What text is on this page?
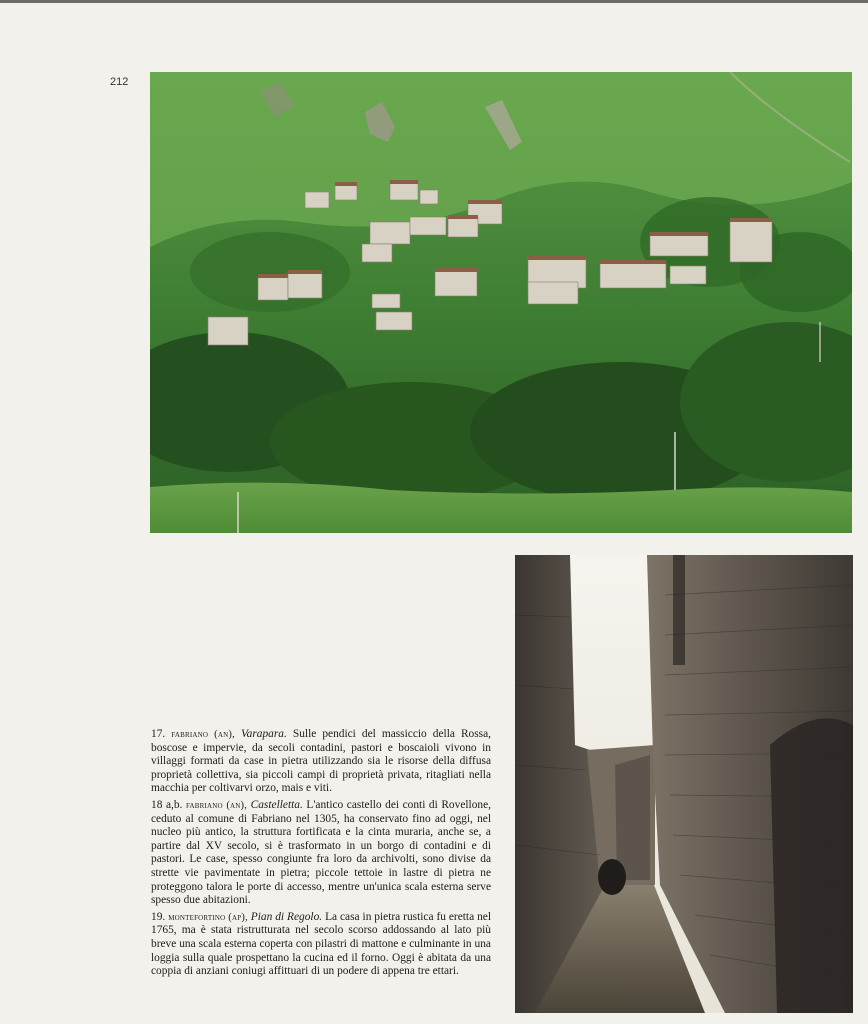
212

17. fabriano (an), Varapara. Sulle pendici del massiccio della Rossa, boscose e impervie, da secoli contadini, pastori e boscaioli vivono in villaggi formati da case in pietra utilizzando sia le risorse della diffusa proprietà collettiva, sia piccoli campi di proprietà privata, ritagliati nella macchia per coltivarvi orzo, mais e viti.

18 a,b. fabriano (an), Castelletta. L'antico castello dei conti di Rovellone, ceduto al comune di Fabriano nel 1305, ha conservato fino ad oggi, nel nucleo più antico, la struttura fortificata e la cinta muraria, anche se, a partire dal XV secolo, si è trasformato in un borgo di contadini e di pastori. Le case, spesso congiunte fra loro da archivolti, sono divise da strette vie pavimentate in pietra; piccole tettoie in lastre di pietra ne proteggono talora le porte di accesso, mentre un'unica scala esterna serve spesso due abitazioni.

19. montefortino (ap), Pian di Regolo. La casa in pietra rustica fu eretta nel 1765, ma è stata ristrutturata nel secolo scorso addossando al lato più breve una scala esterna coperta con pilastri di mattone e culminante in una loggia sulla quale prospettano la cucina ed il forno. Oggi è abitata da una coppia di anziani coniugi affittuari di un podere di appena tre ettari.
